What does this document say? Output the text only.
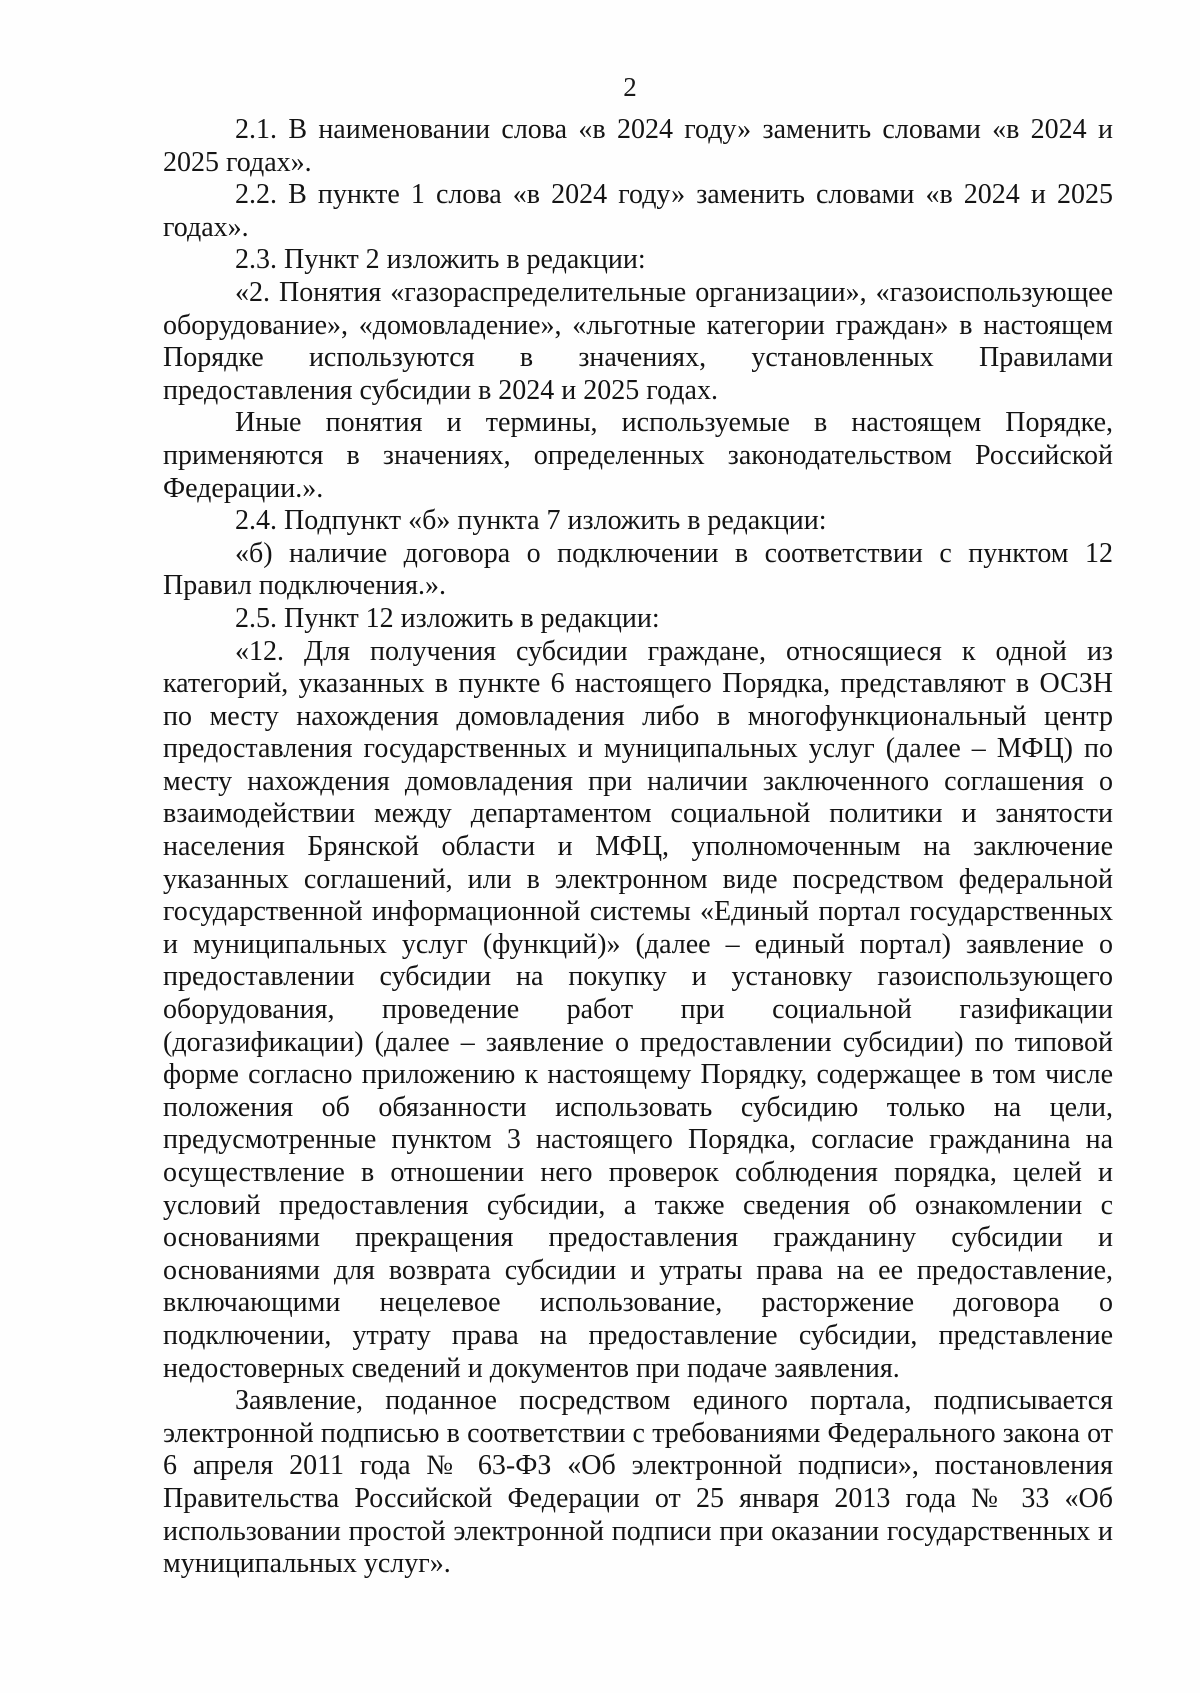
2

2.1. В наименовании слова «в 2024 году» заменить словами «в 2024 и 2025 годах».

2.2. В пункте 1 слова «в 2024 году» заменить словами «в 2024 и 2025 годах».

2.3. Пункт 2 изложить в редакции:

«2. Понятия «газораспределительные организации», «газоиспользующее оборудование», «домовладение», «льготные категории граждан» в настоящем Порядке используются в значениях, установленных Правилами предоставления субсидии в 2024 и 2025 годах.

Иные понятия и термины, используемые в настоящем Порядке, применяются в значениях, определенных законодательством Российской Федерации.».

2.4. Подпункт «б» пункта 7 изложить в редакции:

«б) наличие договора о подключении в соответствии с пунктом 12 Правил подключения.».

2.5. Пункт 12 изложить в редакции:

«12. Для получения субсидии граждане, относящиеся к одной из категорий, указанных в пункте 6 настоящего Порядка, представляют в ОСЗН по месту нахождения домовладения либо в многофункциональный центр предоставления государственных и муниципальных услуг (далее – МФЦ) по месту нахождения домовладения при наличии заключенного соглашения о взаимодействии между департаментом социальной политики и занятости населения Брянской области и МФЦ, уполномоченным на заключение указанных соглашений, или в электронном виде посредством федеральной государственной информационной системы «Единый портал государственных и муниципальных услуг (функций)» (далее – единый портал) заявление о предоставлении субсидии на покупку и установку газоиспользующего оборудования, проведение работ при социальной газификации (догазификации) (далее – заявление о предоставлении субсидии) по типовой форме согласно приложению к настоящему Порядку, содержащее в том числе положения об обязанности использовать субсидию только на цели, предусмотренные пунктом 3 настоящего Порядка, согласие гражданина на осуществление в отношении него проверок соблюдения порядка, целей и условий предоставления субсидии, а также сведения об ознакомлении с основаниями прекращения предоставления гражданину субсидии и основаниями для возврата субсидии и утраты права на ее предоставление, включающими нецелевое использование, расторжение договора о подключении, утрату права на предоставление субсидии, представление недостоверных сведений и документов при подаче заявления.

Заявление, поданное посредством единого портала, подписывается электронной подписью в соответствии с требованиями Федерального закона от 6 апреля 2011 года № 63-ФЗ «Об электронной подписи», постановления Правительства Российской Федерации от 25 января 2013 года № 33 «Об использовании простой электронной подписи при оказании государственных и муниципальных услуг».
